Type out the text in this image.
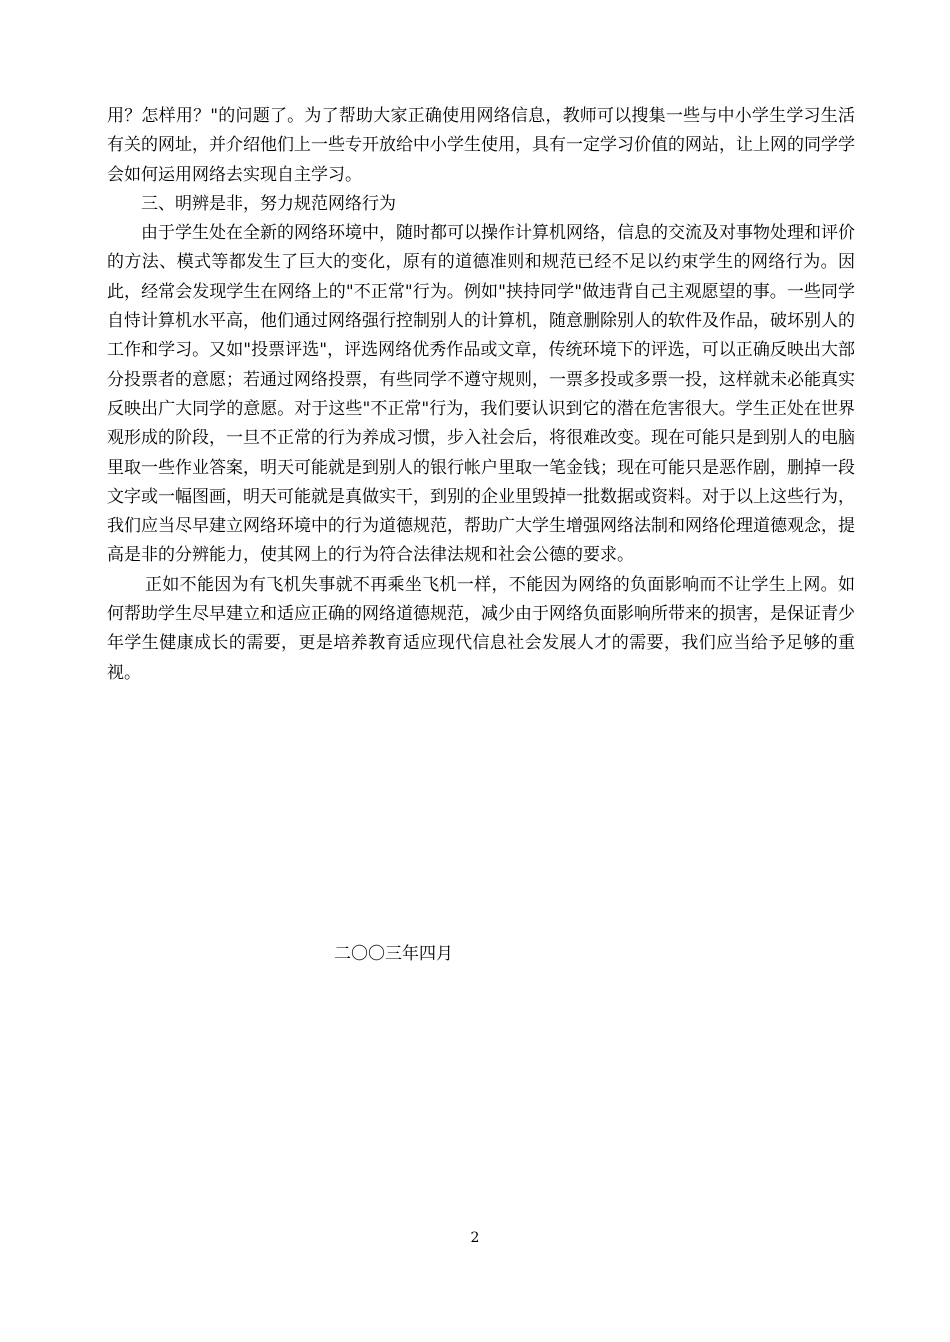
用？怎样用？"的问题了。为了帮助大家正确使用网络信息，教师可以搜集一些与中小学生学习生活有关的网址，并介绍他们上一些专开放给中小学生使用，具有一定学习价值的网站，让上网的同学学会如何运用网络去实现自主学习。

三、明辨是非，努力规范网络行为

由于学生处在全新的网络环境中，随时都可以操作计算机网络，信息的交流及对事物处理和评价的方法、模式等都发生了巨大的变化，原有的道德准则和规范已经不足以约束学生的网络行为。因此，经常会发现学生在网络上的"不正常"行为。例如"挟持同学"做违背自己主观愿望的事。一些同学自恃计算机水平高，他们通过网络强行控制别人的计算机，随意删除别人的软件及作品，破坏别人的工作和学习。又如"投票评选"，评选网络优秀作品或文章，传统环境下的评选，可以正确反映出大部分投票者的意愿；若通过网络投票，有些同学不遵守规则，一票多投或多票一投，这样就未必能真实反映出广大同学的意愿。对于这些"不正常"行为，我们要认识到它的潜在危害很大。学生正处在世界观形成的阶段，一旦不正常的行为养成习惯，步入社会后，将很难改变。现在可能只是到别人的电脑里取一些作业答案，明天可能就是到别人的银行帐户里取一笔金钱；现在可能只是恶作剧，删掉一段文字或一幅图画，明天可能就是真做实干，到别的企业里毁掉一批数据或资料。对于以上这些行为，我们应当尽早建立网络环境中的行为道德规范，帮助广大学生增强网络法制和网络伦理道德观念，提高是非的分辨能力，使其网上的行为符合法律法规和社会公德的要求。

正如不能因为有飞机失事就不再乘坐飞机一样，不能因为网络的负面影响而不让学生上网。如何帮助学生尽早建立和适应正确的网络道德规范，减少由于网络负面影响所带来的损害，是保证青少年学生健康成长的需要，更是培养教育适应现代信息社会发展人才的需要，我们应当给予足够的重视。

二〇〇三年四月
2
